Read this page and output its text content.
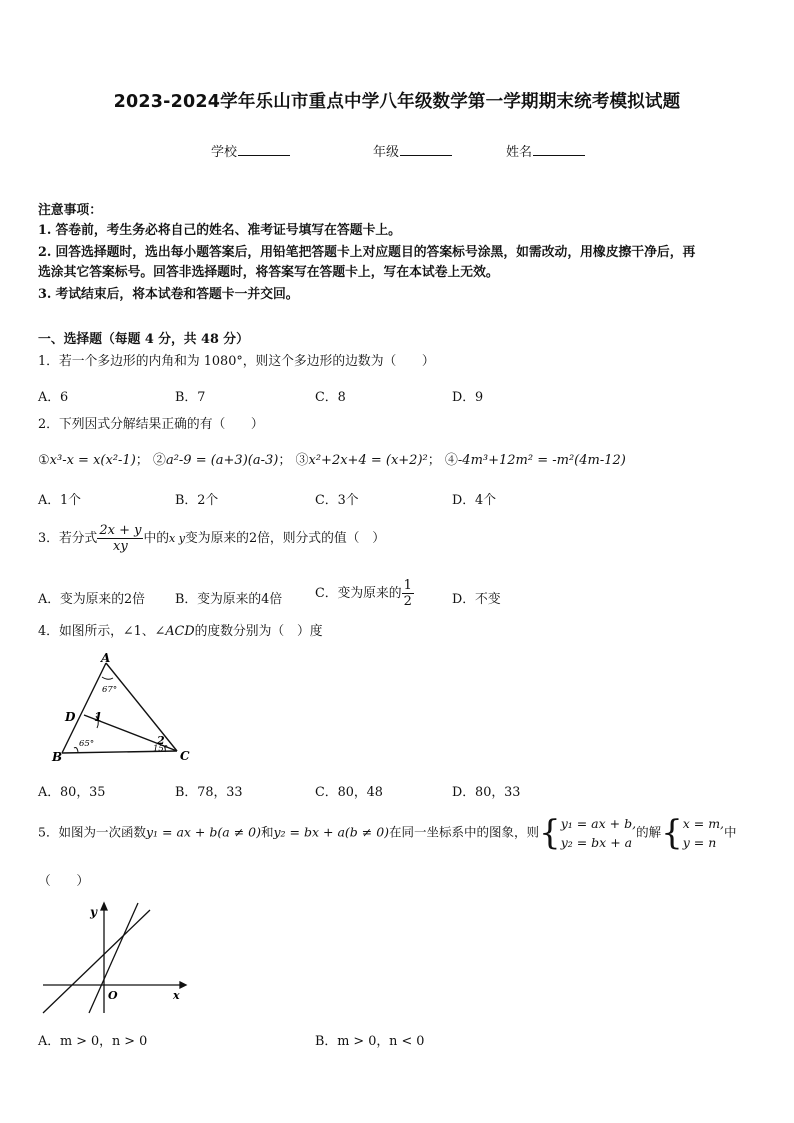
2023-2024学年乐山市重点中学八年级数学第一学期期末统考模拟试题
学校	年级	姓名
注意事项：
1. 答卷前，考生务必将自己的姓名、准考证号填写在答题卡上。
2. 回答选择题时，选出每小题答案后，用铅笔把答题卡上对应题目的答案标号涂黑，如需改动，用橡皮擦干净后，再
选涂其它答案标号。回答非选择题时，将答案写在答题卡上，写在本试卷上无效。
3. 考试结束后，将本试卷和答题卡一并交回。
一、选择题（每题 4 分，共 48 分）
1．若一个多边形的内角和为 1080°，则这个多边形的边数为（　　）
A．6	B．7	C．8	D．9
2．下列因式分解结果正确的有（　　）
①x³-x = x(x²-1)； ②a²-9 = (a+3)(a-3)； ③x²+2x+4 = (x+2)²； ④-4m³+12m² = -m²(4m-12)
A．1个	B．2个	C．3个	D．4个
3．若分式 $\frac{2x + y}{xy}$ 中的x y变为原来的2倍，则分式的值（　）
A．变为原来的2倍 B．变为原来的4倍	C．变为原来的 $\frac{1}{2}$	D．不变
4．如图所示，∠1、∠ACD的度数分别为（　）度
A
D
B	C
67°
1
65°	15°
2
A．80，35	B．78，33	C．80，48	D．80，33
5．如图为一次函数y₁ = ax + b(a ≠ 0)和y₂ = bx + a(b ≠ 0)在同一坐标系中的图象，则{ y₁ = ax + b,
y₂ = bx + a
的解{ x = m,
y = n
中
（　　）
y
x
O
A．m > 0，n > 0	B．m > 0，n < 0
